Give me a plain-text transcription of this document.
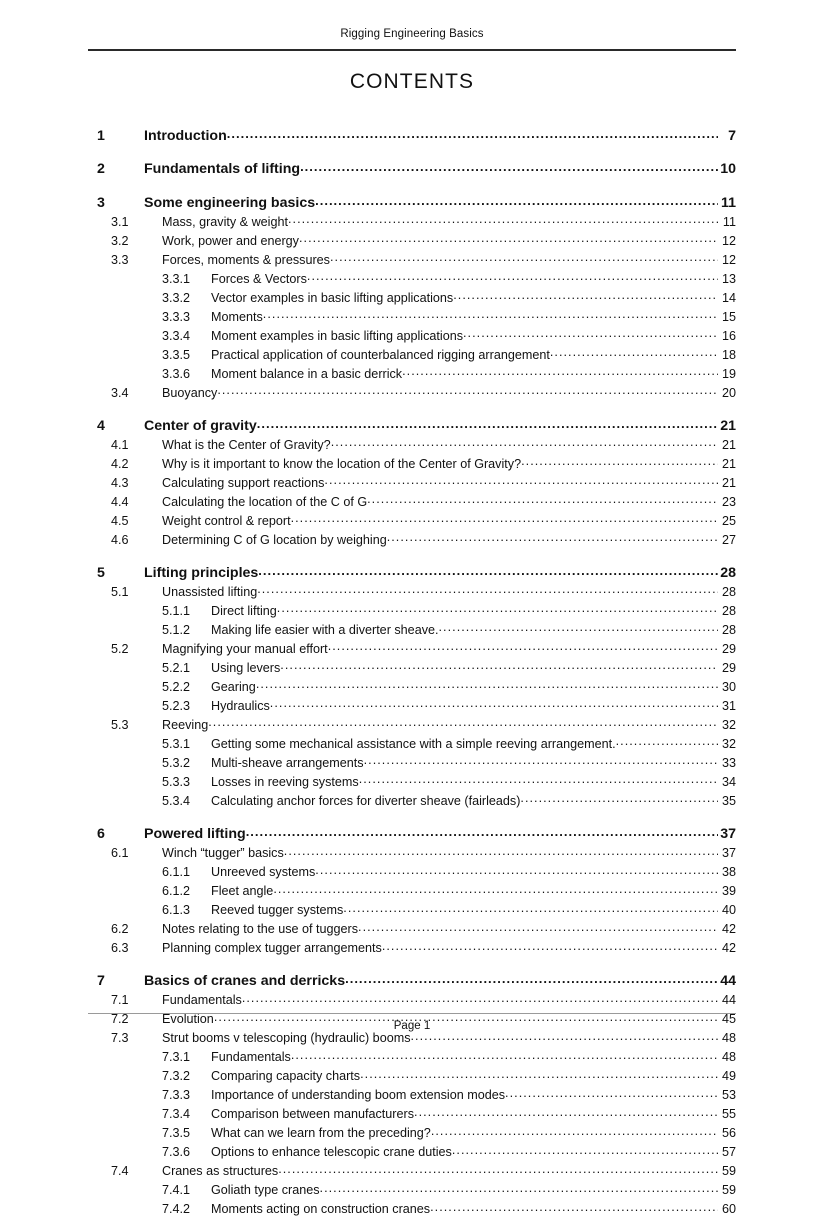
Rigging Engineering Basics
CONTENTS
1	Introduction .....	7
2	Fundamentals of lifting .....	10
3	Some engineering basics .....	11
3.1	Mass, gravity & weight .....	11
3.2	Work, power and energy .....	12
3.3	Forces, moments & pressures .....	12
3.3.1	Forces & Vectors .....	13
3.3.2	Vector examples in basic lifting applications .....	14
3.3.3	Moments .....	15
3.3.4	Moment examples in basic lifting applications .....	16
3.3.5	Practical application of counterbalanced rigging arrangement .....	18
3.3.6	Moment balance in a basic derrick .....	19
3.4	Buoyancy .....	20
4	Center of gravity .....	21
4.1	What is the Center of Gravity? .....	21
4.2	Why is it important to know the location of the Center of Gravity? .....	21
4.3	Calculating support reactions .....	21
4.4	Calculating the location of the C of G .....	23
4.5	Weight control & report .....	25
4.6	Determining C of G location by weighing .....	27
5	Lifting principles .....	28
5.1	Unassisted lifting .....	28
5.1.1	Direct lifting .....	28
5.1.2	Making life easier with a diverter sheave. .....	28
5.2	Magnifying your manual effort .....	29
5.2.1	Using levers .....	29
5.2.2	Gearing .....	30
5.2.3	Hydraulics .....	31
5.3	Reeving .....	32
5.3.1	Getting some mechanical assistance with a simple reeving arrangement. .....	32
5.3.2	Multi-sheave arrangements .....	33
5.3.3	Losses in reeving systems .....	34
5.3.4	Calculating anchor forces for diverter sheave (fairleads) .....	35
6	Powered lifting .....	37
6.1	Winch “tugger” basics .....	37
6.1.1	Unreeved systems .....	38
6.1.2	Fleet angle .....	39
6.1.3	Reeved tugger systems .....	40
6.2	Notes relating to the use of tuggers .....	42
6.3	Planning complex tugger arrangements .....	42
7	Basics of cranes and derricks .....	44
7.1	Fundamentals .....	44
7.2	Evolution .....	45
7.3	Strut booms v telescoping (hydraulic) booms .....	48
7.3.1	Fundamentals .....	48
7.3.2	Comparing capacity charts .....	49
7.3.3	Importance of understanding boom extension modes .....	53
7.3.4	Comparison between manufacturers .....	55
7.3.5	What can we learn from the preceding? .....	56
7.3.6	Options to enhance telescopic crane duties .....	57
7.4	Cranes as structures .....	59
7.4.1	Goliath type cranes .....	59
7.4.2	Moments acting on construction cranes .....	60
Page 1
